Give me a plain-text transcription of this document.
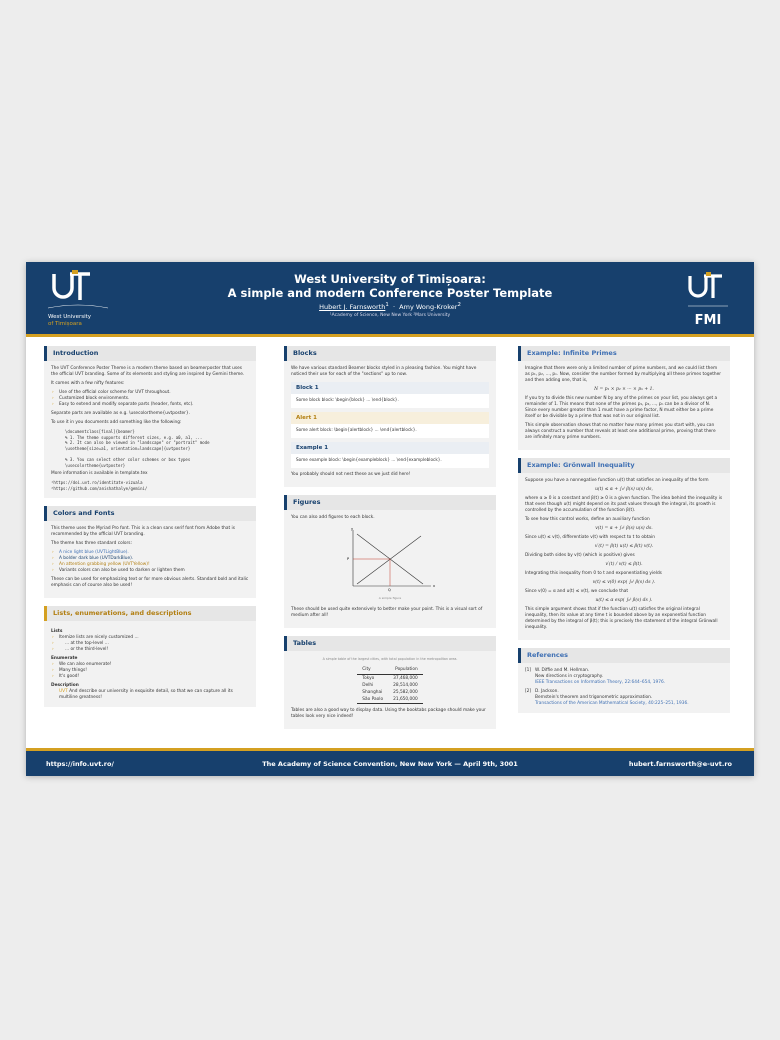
West University
of Timișoara
West University of Timișoara:
A simple and modern Conference Poster Template
Hubert J. Farnsworth$^1$  ·  Amy Wong-Kroker$^2$
¹Academy of Science, New New York ²Mars University	FMI
Introduction

The UVT Conference Poster Theme is a modern theme based on beamerposter that uses the official UVT branding. Some of its elements and styling are inspired by Gemini theme.

It comes with a few nifty features:

› Use of the official color scheme for UVT throughout.
› Customized block environments.
› Easy to extend and modify separate parts (header, fonts, etc).

Separate parts are available as e.g. \usecolortheme{uvtposter}.

To use it in you documents add something like the following:

\documentclass[final]{beamer}
% 1. The theme supports different sizes, e.g. a0, a1, ...
% 2. It can also be viewed in "landscape" or "portrait" mode
\usetheme[size=a1, orientation=landscape]{uvtposter}

% 3. You can select other color schemes or box types
\usecolortheme{uvtposter}

More information is available in template.tex

¹https://doi.uvt.ro/identitate-vizuala
²https://github.com/anishathalye/gemini/
Colors and Fonts

This theme uses the Myriad Pro font. This is a clean sans serif font from Adobe that is recommended by the official UVT branding.

The theme has three standard colors:

› A nice light blue (UVTLightBlue).
› A bolder dark blue (UVTDarkBlue).
› An attention grabbing yellow (UVTYellow)!
› Variants colors can also be used to darken or lighten them

These can be used for emphasizing text or for more obvious alerts. Standard bold and italic emphasis can of course also be used!

Lists, enumerations, and descriptions
Lists
› Itemize lists are nicely customized ...
› ... at the top-level ...
› ... or the third-level!
Enumerate
› We can also enumerate!
› Many things!
› It's good!
Description
UVT And describe our university in exquisite detail, so that we can capture all its multiline greatness!
Blocks

We have various standard Beamer blocks styled in a pleasing fashion. You might have noticed their use for each of the "sections" up to now.

Block 1
Some block block: \begin{block} ... \end{block}.
Alert 1
Some alert block: \begin{alertblock} ... \end{alertblock}.
Example 1
Some example block: \begin{exampleblock} ... \end{exampleblock}.

You probably should not nest these as we just did here!

Figures

You can also add figures to each block.

y
x
P
Q
A simple figure

These should be used quite extensively to better make your point. This is a visual sort of medium after all!

Tables
A simple table of the largest cities, with total population in the metropolitan area.
City	Population
Tokyo	37,468,000
Delhi	28,514,000
Shanghai	25,582,000
São Paolo	21,650,000

Tables are also a good way to display data. Using the booktabs package should make your tables look very nice indeed!

Example: Infinite Primes

Imagine that there were only a limited number of prime numbers, and we could list them as p₁, p₂, ..., pₙ. Now, consider the number formed by multiplying all these primes together and then adding one, that is,

N = p₁ × p₂ × ··· × pₙ + 1.

If you try to divide this new number N by any of the primes on your list, you always get a remainder of 1. This means that none of the primes p₁, p₂, ..., pₙ can be a divisor of N. Since every number greater than 1 must have a prime factor, N must either be a prime itself or be divisible by a prime that was not in our original list.

This simple observation shows that no matter how many primes you start with, you can always construct a number that reveals at least one additional prime, proving that there are infinitely many prime numbers.

Example: Grönwall Inequality

Suppose you have a nonnegative function u(t) that satisfies an inequality of the form

u(t) ≤ α + ∫₀ᵗ β(s) u(s) ds,

where α ≥ 0 is a constant and β(t) ≥ 0 is a given function. The idea behind the inequality is that even though u(t) might depend on its past values through the integral, its growth is controlled by the accumulation of the function β(t).

To see how this control works, define an auxiliary function

v(t) = α + ∫₀ᵗ β(s) u(s) ds.

Since u(t) ≤ v(t), differentiate v(t) with respect to t to obtain

v′(t) = β(t) u(t) ≤ β(t) v(t).

Dividing both sides by v(t) (which is positive) gives

v′(t) / v(t) ≤ β(t).

Integrating this inequality from 0 to t and exponentiating yields

v(t) ≤ v(0) exp( ∫₀ᵗ β(s) ds ).

Since v(0) = α and u(t) ≤ v(t), we conclude that

u(t) ≤ α exp( ∫₀ᵗ β(s) ds ).

This simple argument shows that if the function u(t) satisfies the original integral inequality, then its value at any time t is bounded above by an exponential function determined by the integral of β(t); this is precisely the statement of the integral Grönwall inequality.

References
[1] W. Diffie and M. Hellman.
New directions in cryptography.
IEEE Transactions on Information Theory, 22:644–654, 1976.
[2] D. Jackson.
Bernstein's theorem and trigonometric approximation.
Transactions of the American Mathematical Society, 40:225–251, 1936.
https://info.uvt.ro/	The Academy of Science Convention, New New York — April 9th, 3001	hubert.farnsworth@e-uvt.ro
